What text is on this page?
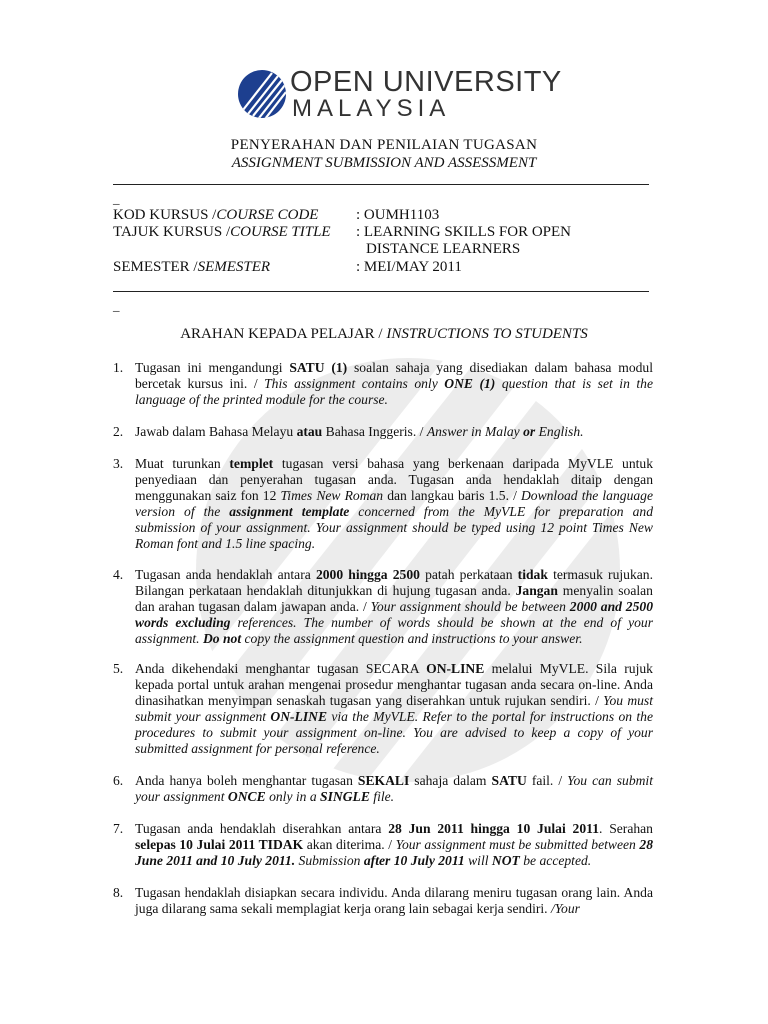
OPEN UNIVERSITY
MALAYSIA
PENYERAHAN DAN PENILAIAN TUGASAN
ASSIGNMENT SUBMISSION AND ASSESSMENT
_
KOD KURSUS /COURSE CODE	: OUMH1103
TAJUK KURSUS /COURSE TITLE : LEARNING SKILLS FOR OPEN
DISTANCE LEARNERS
SEMESTER /SEMESTER	: MEI/MAY 2011
_
ARAHAN KEPADA PELAJAR / INSTRUCTIONS TO STUDENTS
1. Tugasan ini mengandungi SATU (1) soalan sahaja yang disediakan dalam bahasa modul bercetak kursus ini. / This assignment contains only ONE (1) question that is set in the language of the printed module for the course.
2. Jawab dalam Bahasa Melayu atau Bahasa Inggeris. / Answer in Malay or English.
3. Muat turunkan templet tugasan versi bahasa yang berkenaan daripada MyVLE untuk penyediaan dan penyerahan tugasan anda. Tugasan anda hendaklah ditaip dengan menggunakan saiz fon 12 Times New Roman dan langkau baris 1.5. / Download the language version of the assignment template concerned from the MyVLE for preparation and submission of your assignment. Your assignment should be typed using 12 point Times New Roman font and 1.5 line spacing.
4. Tugasan anda hendaklah antara 2000 hingga 2500 patah perkataan tidak termasuk rujukan. Bilangan perkataan hendaklah ditunjukkan di hujung tugasan anda. Jangan menyalin soalan dan arahan tugasan dalam jawapan anda. / Your assignment should be between 2000 and 2500 words excluding references. The number of words should be shown at the end of your assignment. Do not copy the assignment question and instructions to your answer.
5. Anda dikehendaki menghantar tugasan SECARA ON-LINE melalui MyVLE. Sila rujuk kepada portal untuk arahan mengenai prosedur menghantar tugasan anda secara on-line. Anda dinasihatkan menyimpan senaskah tugasan yang diserahkan untuk rujukan sendiri. / You must submit your assignment ON-LINE via the MyVLE. Refer to the portal for instructions on the procedures to submit your assignment on-line. You are advised to keep a copy of your submitted assignment for personal reference.
6. Anda hanya boleh menghantar tugasan SEKALI sahaja dalam SATU fail. / You can submit your assignment ONCE only in a SINGLE file.
7. Tugasan anda hendaklah diserahkan antara 28 Jun 2011 hingga 10 Julai 2011. Serahan selepas 10 Julai 2011 TIDAK akan diterima. / Your assignment must be submitted between 28 June 2011 and 10 July 2011. Submission after 10 July 2011 will NOT be accepted.
8. Tugasan hendaklah disiapkan secara individu. Anda dilarang meniru tugasan orang lain. Anda juga dilarang sama sekali memplagiat kerja orang lain sebagai kerja sendiri. /Your
